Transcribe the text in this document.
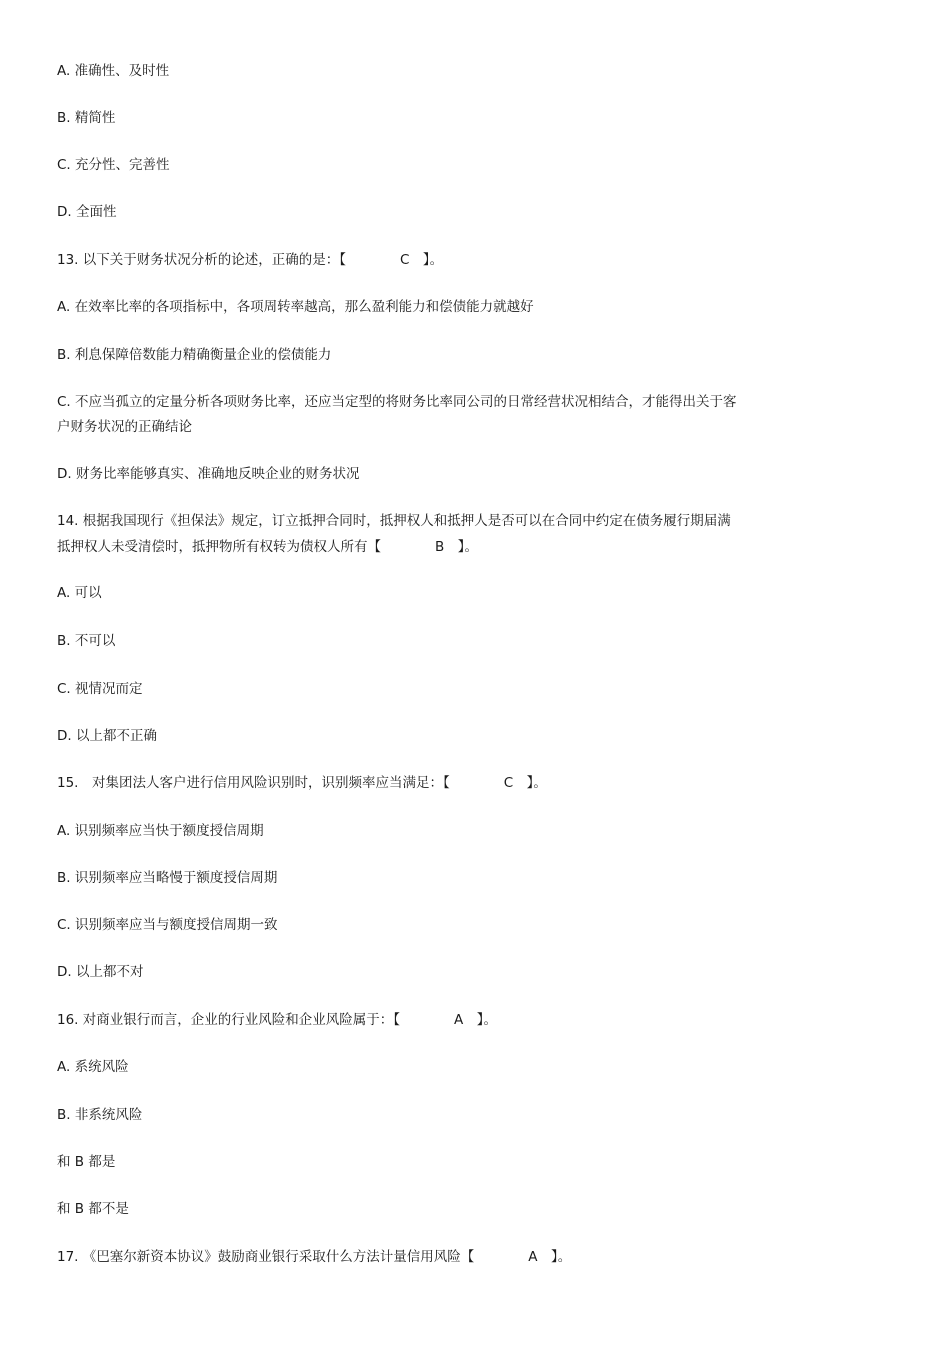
A. 准确性、及时性
B. 精简性
C. 充分性、完善性
D. 全面性
13. 以下关于财务状况分析的论述，正确的是：【　　　　C　】。
A. 在效率比率的各项指标中，各项周转率越高，那么盈利能力和偿债能力就越好
B. 利息保障倍数能力精确衡量企业的偿债能力
C. 不应当孤立的定量分析各项财务比率，还应当定型的将财务比率同公司的日常经营状况相结合，才能得出关于客
户财务状况的正确结论
D. 财务比率能够真实、准确地反映企业的财务状况
14. 根据我国现行《担保法》规定，订立抵押合同时，抵押权人和抵押人是否可以在合同中约定在债务履行期届满
抵押权人未受清偿时，抵押物所有权转为债权人所有【　　　　B　】。
A. 可以
B. 不可以
C. 视情况而定
D. 以上都不正确
15.　对集团法人客户进行信用风险识别时，识别频率应当满足：【　　　　C　】。
A. 识别频率应当快于额度授信周期
B. 识别频率应当略慢于额度授信周期
C. 识别频率应当与额度授信周期一致
D. 以上都不对
16. 对商业银行而言，企业的行业风险和企业风险属于：【　　　　A　】。
A. 系统风险
B. 非系统风险
和 B 都是
和 B 都不是
17. 《巴塞尔新资本协议》鼓励商业银行采取什么方法计量信用风险【　　　　A　】。
